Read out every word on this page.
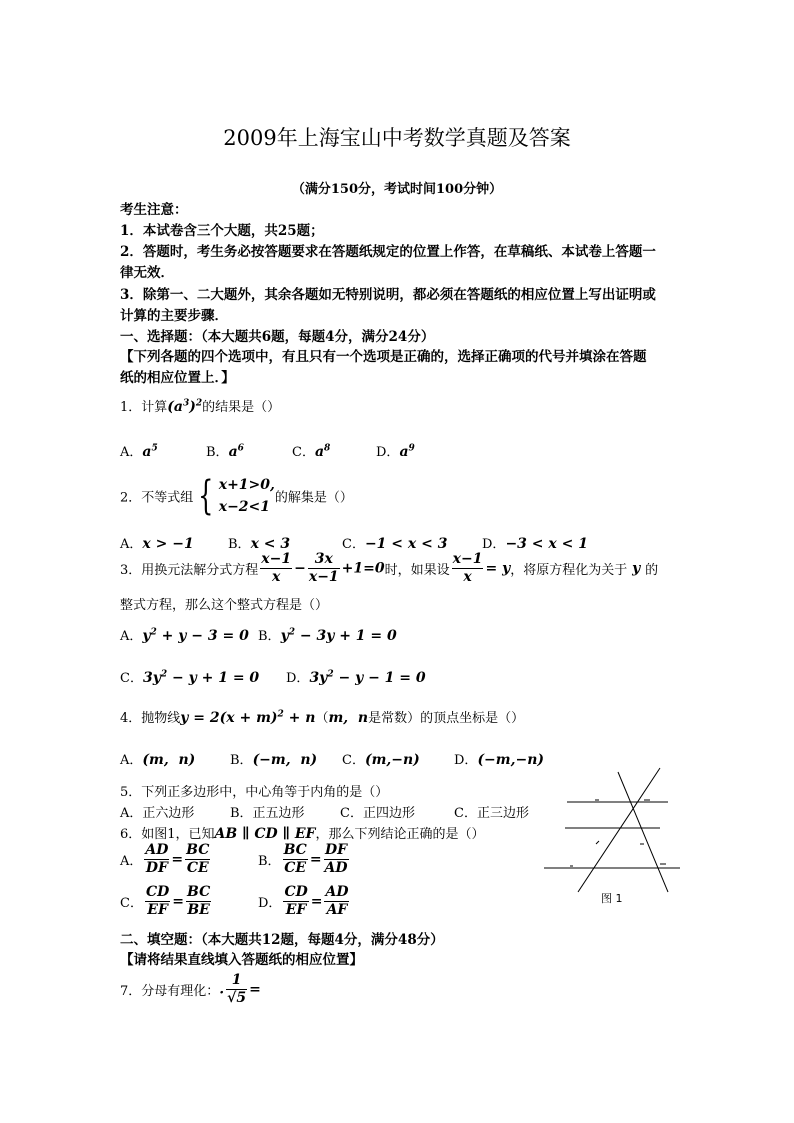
2009年上海宝山中考数学真题及答案
（满分150分，考试时间100分钟）
考生注意：
1．本试卷含三个大题，共25题；
2．答题时，考生务必按答题要求在答题纸规定的位置上作答，在草稿纸、本试卷上答题一
律无效．
3．除第一、二大题外，其余各题如无特别说明，都必须在答题纸的相应位置上写出证明或
计算的主要步骤．
一、选择题：（本大题共6题，每题4分，满分24分）
【下列各题的四个选项中，有且只有一个选项是正确的，选择正确项的代号并填涂在答题
纸的相应位置上．】
1．计算$(a^3)^2$的结果是（）
A．$a^5$	B．$a^6$	C．$a^8$	D．$a^9$
2．不等式组 { x+1>0,
x−2<1的解集是（）
A．x > −1	B．x < 3	C．−1 < x < 3	D．−3 < x < 1
3．用换元法解分式方程 $\frac{x-1}{x} - \frac{3x}{x-1} +1=0$时，如果设 $\frac{x-1}{x} = y$，将原方程化为关于 y 的
整式方程，那么这个整式方程是（）
A．$y^2 + y - 3 = 0$ B．$y^2 - 3y + 1 = 0$
C．$3y^2 - y + 1 = 0$ D．$3y^2 - y - 1 = 0$
4．抛物线$y = 2(x + m)^2 + n(m$,  n是常数）的顶点坐标是（）
A．(m,  n)	B．(−m,  n) C．(m,−n)	D．(−m,−n)
5．下列正多边形中，中心角等于内角的是（）
A．正六边形	B．正五边形	C．正四边形	C．正三边形
6．如图1，已知AB ∥ CD ∥ EF，那么下列结论正确的是（）
A． $\frac{AD}{DF} = \frac{BC}{CE}$	B． $\frac{BC}{CE} = \frac{DF}{AD}$
C． $\frac{CD}{EF} = \frac{BC}{BE}$	D． $\frac{CD}{EF} = \frac{AD}{AF}$	图 1
二、填空题：（本大题共12题，每题4分，满分48分）
【请将结果直线填入答题纸的相应位置】
7．分母有理化：. $\frac{1}{√5}$ =
